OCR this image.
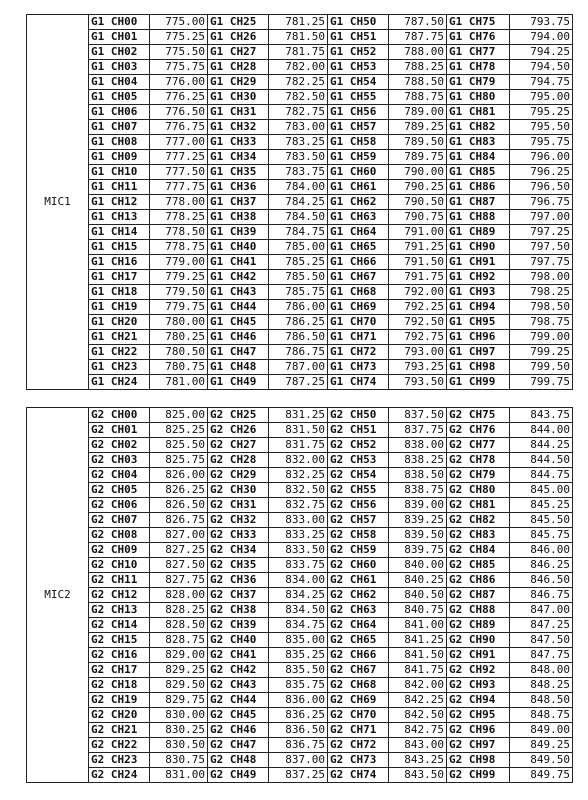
MIC1	G1 CH00	775.00	G1 CH25	781.25	G1 CH50	787.50	G1 CH75	793.75
	G1 CH01	775.25	G1 CH26	781.50	G1 CH51	787.75	G1 CH76	794.00
	G1 CH02	775.50	G1 CH27	781.75	G1 CH52	788.00	G1 CH77	794.25
	G1 CH03	775.75	G1 CH28	782.00	G1 CH53	788.25	G1 CH78	794.50
	G1 CH04	776.00	G1 CH29	782.25	G1 CH54	788.50	G1 CH79	794.75
	G1 CH05	776.25	G1 CH30	782.50	G1 CH55	788.75	G1 CH80	795.00
	G1 CH06	776.50	G1 CH31	782.75	G1 CH56	789.00	G1 CH81	795.25
	G1 CH07	776.75	G1 CH32	783.00	G1 CH57	789.25	G1 CH82	795.50
	G1 CH08	777.00	G1 CH33	783.25	G1 CH58	789.50	G1 CH83	795.75
	G1 CH09	777.25	G1 CH34	783.50	G1 CH59	789.75	G1 CH84	796.00
	G1 CH10	777.50	G1 CH35	783.75	G1 CH60	790.00	G1 CH85	796.25
	G1 CH11	777.75	G1 CH36	784.00	G1 CH61	790.25	G1 CH86	796.50
	G1 CH12	778.00	G1 CH37	784.25	G1 CH62	790.50	G1 CH87	796.75
	G1 CH13	778.25	G1 CH38	784.50	G1 CH63	790.75	G1 CH88	797.00
	G1 CH14	778.50	G1 CH39	784.75	G1 CH64	791.00	G1 CH89	797.25
	G1 CH15	778.75	G1 CH40	785.00	G1 CH65	791.25	G1 CH90	797.50
	G1 CH16	779.00	G1 CH41	785.25	G1 CH66	791.50	G1 CH91	797.75
	G1 CH17	779.25	G1 CH42	785.50	G1 CH67	791.75	G1 CH92	798.00
	G1 CH18	779.50	G1 CH43	785.75	G1 CH68	792.00	G1 CH93	798.25
	G1 CH19	779.75	G1 CH44	786.00	G1 CH69	792.25	G1 CH94	798.50
	G1 CH20	780.00	G1 CH45	786.25	G1 CH70	792.50	G1 CH95	798.75
	G1 CH21	780.25	G1 CH46	786.50	G1 CH71	792.75	G1 CH96	799.00
	G1 CH22	780.50	G1 CH47	786.75	G1 CH72	793.00	G1 CH97	799.25
	G1 CH23	780.75	G1 CH48	787.00	G1 CH73	793.25	G1 CH98	799.50
	G1 CH24	781.00	G1 CH49	787.25	G1 CH74	793.50	G1 CH99	799.75
MIC2	G2 CH00	825.00	G2 CH25	831.25	G2 CH50	837.50	G2 CH75	843.75
	G2 CH01	825.25	G2 CH26	831.50	G2 CH51	837.75	G2 CH76	844.00
	G2 CH02	825.50	G2 CH27	831.75	G2 CH52	838.00	G2 CH77	844.25
	G2 CH03	825.75	G2 CH28	832.00	G2 CH53	838.25	G2 CH78	844.50
	G2 CH04	826.00	G2 CH29	832.25	G2 CH54	838.50	G2 CH79	844.75
	G2 CH05	826.25	G2 CH30	832.50	G2 CH55	838.75	G2 CH80	845.00
	G2 CH06	826.50	G2 CH31	832.75	G2 CH56	839.00	G2 CH81	845.25
	G2 CH07	826.75	G2 CH32	833.00	G2 CH57	839.25	G2 CH82	845.50
	G2 CH08	827.00	G2 CH33	833.25	G2 CH58	839.50	G2 CH83	845.75
	G2 CH09	827.25	G2 CH34	833.50	G2 CH59	839.75	G2 CH84	846.00
	G2 CH10	827.50	G2 CH35	833.75	G2 CH60	840.00	G2 CH85	846.25
	G2 CH11	827.75	G2 CH36	834.00	G2 CH61	840.25	G2 CH86	846.50
	G2 CH12	828.00	G2 CH37	834.25	G2 CH62	840.50	G2 CH87	846.75
	G2 CH13	828.25	G2 CH38	834.50	G2 CH63	840.75	G2 CH88	847.00
	G2 CH14	828.50	G2 CH39	834.75	G2 CH64	841.00	G2 CH89	847.25
	G2 CH15	828.75	G2 CH40	835.00	G2 CH65	841.25	G2 CH90	847.50
	G2 CH16	829.00	G2 CH41	835.25	G2 CH66	841.50	G2 CH91	847.75
	G2 CH17	829.25	G2 CH42	835.50	G2 CH67	841.75	G2 CH92	848.00
	G2 CH18	829.50	G2 CH43	835.75	G2 CH68	842.00	G2 CH93	848.25
	G2 CH19	829.75	G2 CH44	836.00	G2 CH69	842.25	G2 CH94	848.50
	G2 CH20	830.00	G2 CH45	836.25	G2 CH70	842.50	G2 CH95	848.75
	G2 CH21	830.25	G2 CH46	836.50	G2 CH71	842.75	G2 CH96	849.00
	G2 CH22	830.50	G2 CH47	836.75	G2 CH72	843.00	G2 CH97	849.25
	G2 CH23	830.75	G2 CH48	837.00	G2 CH73	843.25	G2 CH98	849.50
	G2 CH24	831.00	G2 CH49	837.25	G2 CH74	843.50	G2 CH99	849.75
